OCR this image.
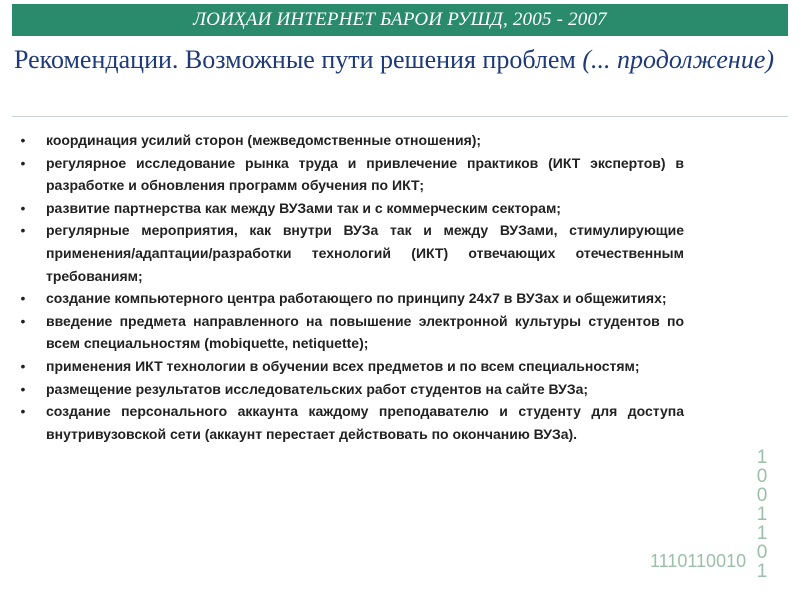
ЛОИҲАИ ИНТЕРНЕТ БАРОИ РУШД, 2005 - 2007
Рекомендации. Возможные пути решения проблем (... продолжение)
• координация усилий сторон (межведомственные отношения);
• регулярное исследование рынка труда и привлечение практиков (ИКТ экспертов) в разработке и обновления программ обучения по ИКТ;
• развитие партнерства как между ВУЗами так и с коммерческим секторам;
• регулярные мероприятия, как внутри ВУЗа так и между ВУЗами, стимулирующие применения/адаптации/разработки технологий (ИКТ) отвечающих отечественным требованиям;
• создание компьютерного центра работающего по принципу 24х7 в ВУЗах и общежитиях;
• введение предмета направленного на повышение электронной культуры студентов по всем специальностям (mobiquette, netiquette);
• применения ИКТ технологии в обучении всех предметов и по всем специальностям;
• размещение результатов исследовательских работ студентов на сайте ВУЗа;
• создание персонального аккаунта каждому преподавателю и студенту для доступа внутривузовской сети (аккаунт перестает действовать по окончанию ВУЗа).
1
0
0
1
1
0
1
1110110010
